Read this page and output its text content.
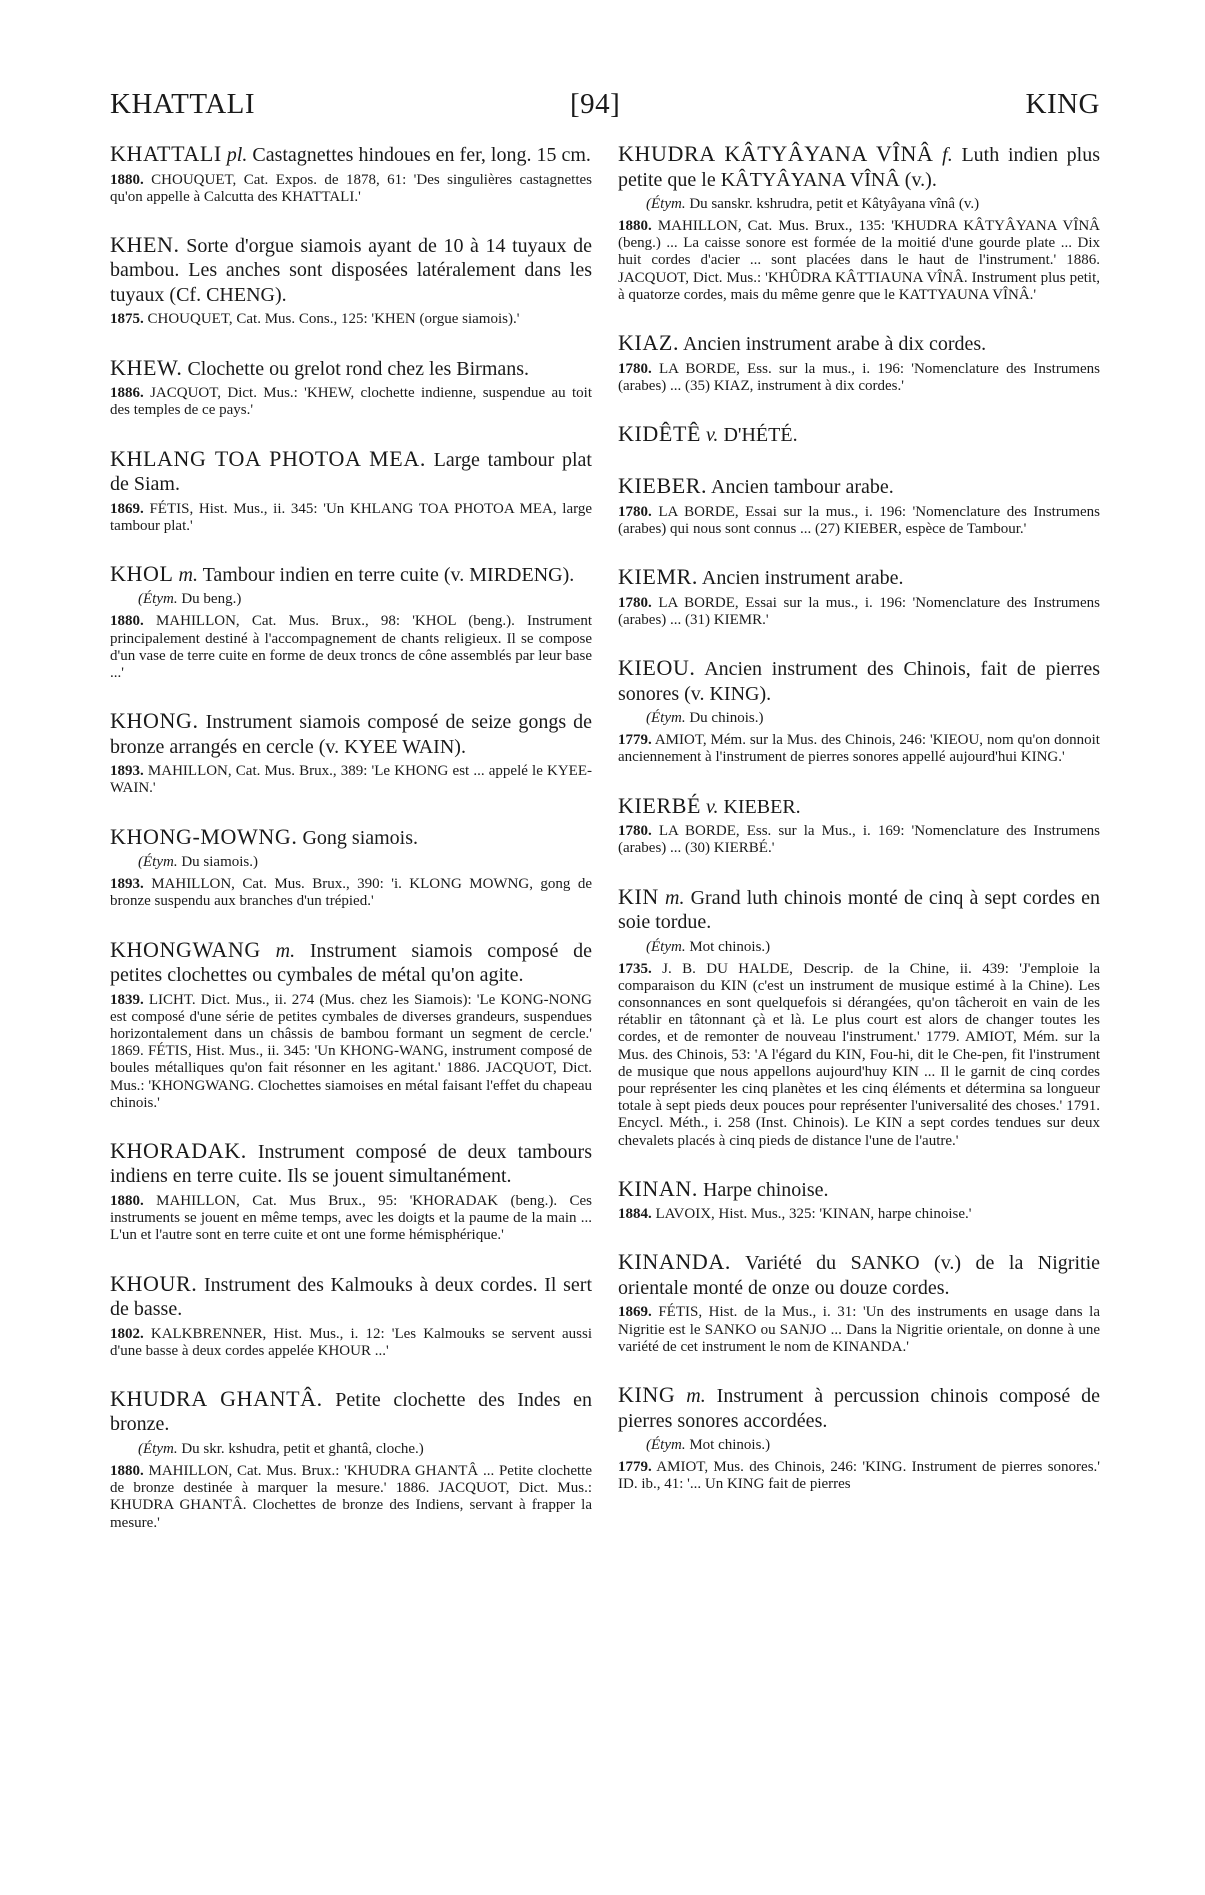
KHATTALI	[94]	KING
KHATTALI pl. Castagnettes hindoues en fer, long. 15 cm.
1880. CHOUQUET, Cat. Expos. de 1878, 61: 'Des singulières castagnettes qu'on appelle à Calcutta des KHATTALI.'
KHEN. Sorte d'orgue siamois ayant de 10 à 14 tuyaux de bambou. Les anches sont disposées latéralement dans les tuyaux (Cf. CHENG).
1875. CHOUQUET, Cat. Mus. Cons., 125: 'KHEN (orgue siamois).'
KHEW. Clochette ou grelot rond chez les Birmans.
1886. JACQUOT, Dict. Mus.: 'KHEW, clochette indienne, suspendue au toit des temples de ce pays.'
KHLANG TOA PHOTOA MEA. Large tambour plat de Siam.
1869. FÉTIS, Hist. Mus., ii. 345: 'Un KHLANG TOA PHOTOA MEA, large tambour plat.'
KHOL m. Tambour indien en terre cuite (v. MIRDENG).
(Étym. Du beng.)
1880. MAHILLON, Cat. Mus. Brux., 98: 'KHOL (beng.). Instrument principalement destiné à l'accompagnement de chants religieux. Il se compose d'un vase de terre cuite en forme de deux troncs de cône assemblés par leur base ...'
KHONG. Instrument siamois composé de seize gongs de bronze arrangés en cercle (v. KYEE WAIN).
1893. MAHILLON, Cat. Mus. Brux., 389: 'Le KHONG est ... appelé le KYEE-WAIN.'
KHONG-MOWNG. Gong siamois.
(Étym. Du siamois.)
1893. MAHILLON, Cat. Mus. Brux., 390: 'i. KLONG MOWNG, gong de bronze suspendu aux branches d'un trépied.'
KHONGWANG m. Instrument siamois composé de petites clochettes ou cymbales de métal qu'on agite.
1839. LICHT. Dict. Mus., ii. 274 (Mus. chez les Siamois): 'Le KONG-NONG est composé d'une série de petites cymbales de diverses grandeurs, suspendues horizontalement dans un châssis de bambou formant un segment de cercle.' 1869. FÉTIS, Hist. Mus., ii. 345: 'Un KHONG-WANG, instrument composé de boules métalliques qu'on fait résonner en les agitant.' 1886. JACQUOT, Dict. Mus.: 'KHONGWANG. Clochettes siamoises en métal faisant l'effet du chapeau chinois.'
KHORADAK. Instrument composé de deux tambours indiens en terre cuite. Ils se jouent simultanément.
1880. MAHILLON, Cat. Mus Brux., 95: 'KHORADAK (beng.). Ces instruments se jouent en même temps, avec les doigts et la paume de la main ... L'un et l'autre sont en terre cuite et ont une forme hémisphérique.'
KHOUR. Instrument des Kalmouks à deux cordes. Il sert de basse.
1802. KALKBRENNER, Hist. Mus., i. 12: 'Les Kalmouks se servent aussi d'une basse à deux cordes appelée KHOUR ...'
KHUDRA GHANTÂ. Petite clochette des Indes en bronze.
(Étym. Du skr. kshudra, petit et ghantâ, cloche.)
1880. MAHILLON, Cat. Mus. Brux.: 'KHUDRA GHANTÂ ... Petite clochette de bronze destinée à marquer la mesure.' 1886. JACQUOT, Dict. Mus.: KHUDRA GHANTÂ. Clochettes de bronze des Indiens, servant à frapper la mesure.'
KHUDRA KÂTYÂYANA VÎNÂ f. Luth indien plus petite que le KÂTYÂYANA VÎNÂ (v.).
(Étym. Du sanskr. kshrudra, petit et Kâtyâyana vînâ (v.)
1880. MAHILLON, Cat. Mus. Brux., 135: 'KHUDRA KÂTYÂYANA VÎNÂ (beng.) ... La caisse sonore est formée de la moitié d'une gourde plate ... Dix huit cordes d'acier ... sont placées dans le haut de l'instrument.' 1886. JACQUOT, Dict. Mus.: 'KHÛDRA KÂTTIAUNA VÎNÂ. Instrument plus petit, à quatorze cordes, mais du même genre que le KATTYAUNA VÎNÂ.'
KIAZ. Ancien instrument arabe à dix cordes.
1780. LA BORDE, Ess. sur la mus., i. 196: 'Nomenclature des Instrumens (arabes) ... (35) KIAZ, instrument à dix cordes.'
KIDÊTÊ v. D'HÉTÉ.
KIEBER. Ancien tambour arabe.
1780. LA BORDE, Essai sur la mus., i. 196: 'Nomenclature des Instrumens (arabes) qui nous sont connus ... (27) KIEBER, espèce de Tambour.'
KIEMR. Ancien instrument arabe.
1780. LA BORDE, Essai sur la mus., i. 196: 'Nomenclature des Instrumens (arabes) ... (31) KIEMR.'
KIEOU. Ancien instrument des Chinois, fait de pierres sonores (v. KING).
(Étym. Du chinois.)
1779. AMIOT, Mém. sur la Mus. des Chinois, 246: 'KIEOU, nom qu'on donnoit anciennement à l'instrument de pierres sonores appellé aujourd'hui KING.'
KIERBÉ v. KIEBER.
1780. LA BORDE, Ess. sur la Mus., i. 169: 'Nomenclature des Instrumens (arabes) ... (30) KIERBÉ.'
KIN m. Grand luth chinois monté de cinq à sept cordes en soie tordue.
(Étym. Mot chinois.)
1735. J. B. DU HALDE, Descrip. de la Chine, ii. 439: 'J'emploie la comparaison du KIN (c'est un instrument de musique estimé à la Chine). Les consonnances en sont quelquefois si dérangées, qu'on tâcheroit en vain de les rétablir en tâtonnant çà et là. Le plus court est alors de changer toutes les cordes, et de remonter de nouveau l'instrument.' 1779. AMIOT, Mém. sur la Mus. des Chinois, 53: 'A l'égard du KIN, Fou-hi, dit le Che-pen, fit l'instrument de musique que nous appellons aujourd'huy KIN ... Il le garnit de cinq cordes pour représenter les cinq planètes et les cinq éléments et détermina sa longueur totale à sept pieds deux pouces pour représenter l'universalité des choses.' 1791. Encycl. Méth., i. 258 (Inst. Chinois). Le KIN a sept cordes tendues sur deux chevalets placés à cinq pieds de distance l'une de l'autre.'
KINAN. Harpe chinoise.
1884. LAVOIX, Hist. Mus., 325: 'KINAN, harpe chinoise.'
KINANDA. Variété du SANKO (v.) de la Nigritie orientale monté de onze ou douze cordes.
1869. FÉTIS, Hist. de la Mus., i. 31: 'Un des instruments en usage dans la Nigritie est le SANKO ou SANJO ... Dans la Nigritie orientale, on donne à une variété de cet instrument le nom de KINANDA.'
KING m. Instrument à percussion chinois composé de pierres sonores accordées.
(Étym. Mot chinois.)
1779. AMIOT, Mus. des Chinois, 246: 'KING. Instrument de pierres sonores.' ID. ib., 41: '... Un KING fait de pierres
